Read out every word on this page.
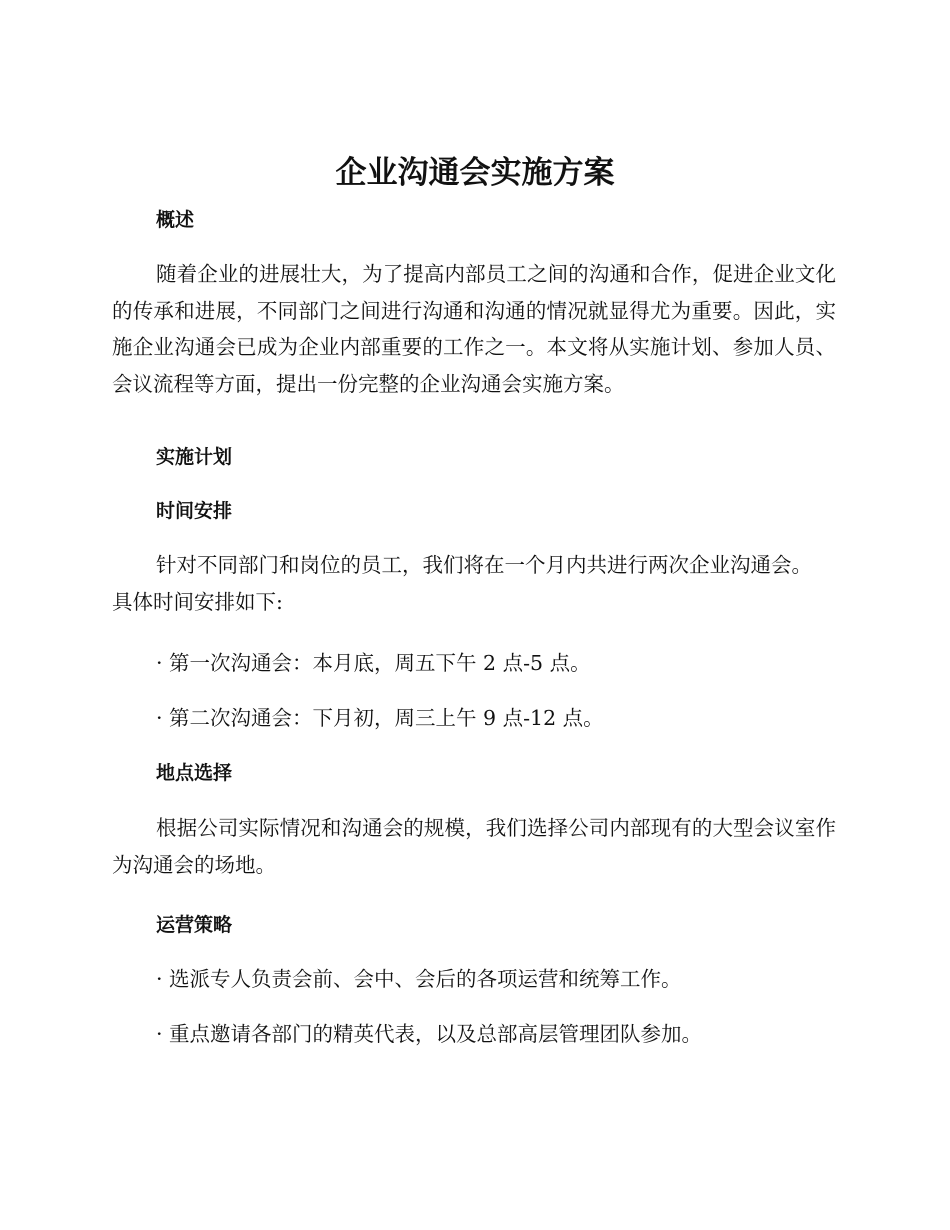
企业沟通会实施方案
概述

随着企业的进展壮大，为了提高内部员工之间的沟通和合作，促进企业文化的传承和进展，不同部门之间进行沟通和沟通的情况就显得尤为重要。因此，实施企业沟通会已成为企业内部重要的工作之一。本文将从实施计划、参加人员、会议流程等方面，提出一份完整的企业沟通会实施方案。

实施计划
时间安排

针对不同部门和岗位的员工，我们将在一个月内共进行两次企业沟通会。具体时间安排如下:

· 第一次沟通会：本月底，周五下午 2 点-5 点。

· 第二次沟通会：下月初，周三上午 9 点-12 点。

地点选择

根据公司实际情况和沟通会的规模，我们选择公司内部现有的大型会议室作为沟通会的场地。

运营策略

· 选派专人负责会前、会中、会后的各项运营和统筹工作。

· 重点邀请各部门的精英代表，以及总部高层管理团队参加。
